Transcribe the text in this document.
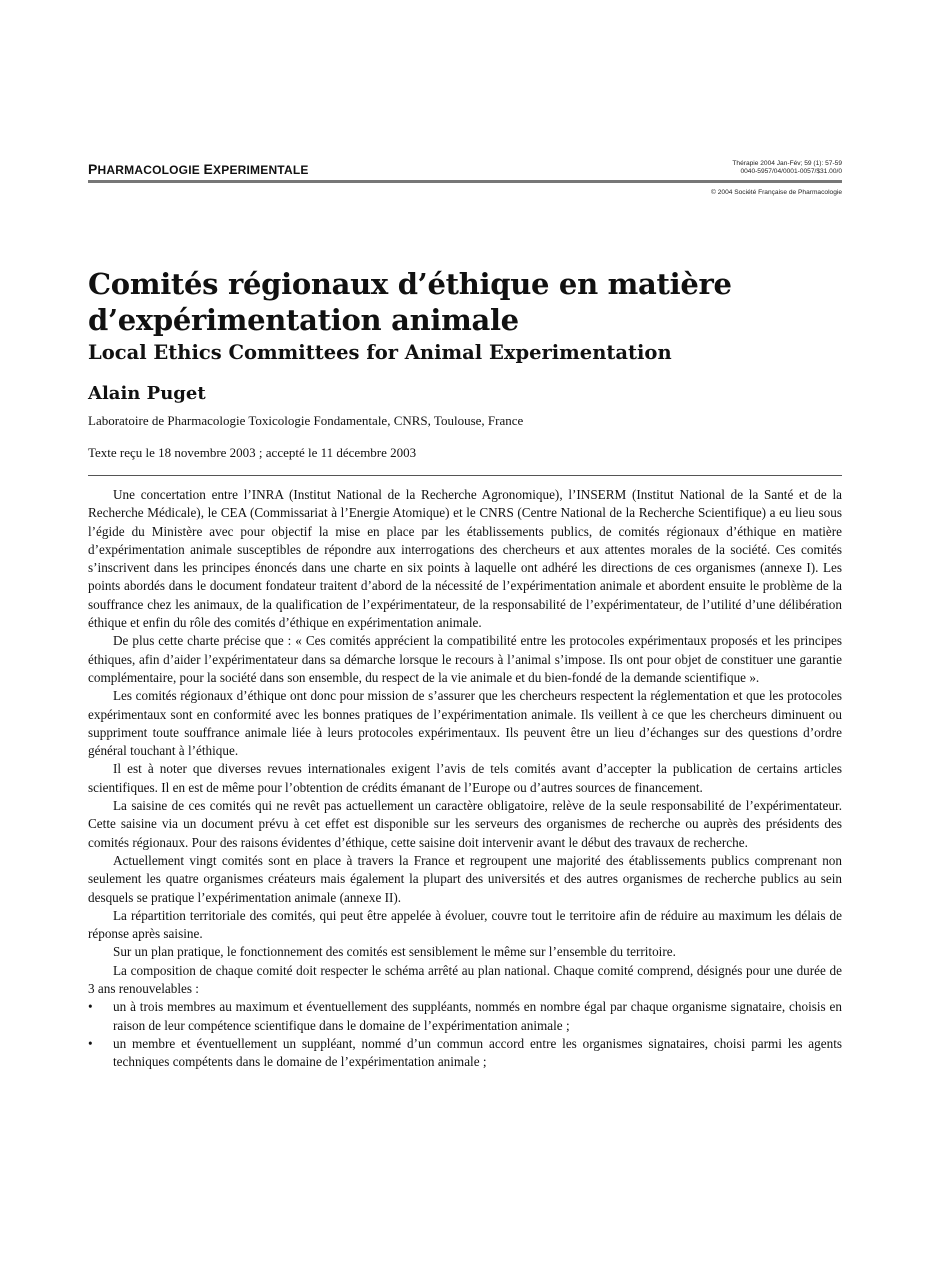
PHARMACOLOGIE EXPERIMENTALE	Thérapie 2004 Jan-Fév; 59 (1): 57-59
0040-5957/04/0001-0057/$31.00/0
© 2004 Société Française de Pharmacologie
Comités régionaux d’éthique en matière
d’expérimentation animale
Local Ethics Committees for Animal Experimentation
Alain Puget
Laboratoire de Pharmacologie Toxicologie Fondamentale, CNRS, Toulouse, France
Texte reçu le 18 novembre 2003 ; accepté le 11 décembre 2003

Une concertation entre l’INRA (Institut National de la Recherche Agronomique), l’INSERM (Institut National de la Santé et de la Recherche Médicale), le CEA (Commissariat à l’Energie Atomique) et le CNRS (Centre National de la Recherche Scientifique) a eu lieu sous l’égide du Ministère avec pour objectif la mise en place par les établissements publics, de comités régionaux d’éthique en matière d’expérimentation animale susceptibles de répondre aux interrogations des chercheurs et aux attentes morales de la société. Ces comités s’inscrivent dans les principes énoncés dans une charte en six points à laquelle ont adhéré les directions de ces organismes (annexe I). Les points abordés dans le document fondateur traitent d’abord de la nécessité de l’expérimentation animale et abordent ensuite le problème de la souffrance chez les animaux, de la qualification de l’expérimentateur, de la responsabilité de l’expérimentateur, de l’utilité d’une délibération éthique et enfin du rôle des comités d’éthique en expérimentation animale.

De plus cette charte précise que : « Ces comités apprécient la compatibilité entre les protocoles expérimentaux proposés et les principes éthiques, afin d’aider l’expérimentateur dans sa démarche lorsque le recours à l’animal s’impose. Ils ont pour objet de constituer une garantie complémentaire, pour la société dans son ensemble, du respect de la vie animale et du bien-fondé de la demande scientifique ».

Les comités régionaux d’éthique ont donc pour mission de s’assurer que les chercheurs respectent la réglementation et que les protocoles expérimentaux sont en conformité avec les bonnes pratiques de l’expérimentation animale. Ils veillent à ce que les chercheurs diminuent ou suppriment toute souffrance animale liée à leurs protocoles expérimentaux. Ils peuvent être un lieu d’échanges sur des questions d’ordre général touchant à l’éthique.

Il est à noter que diverses revues internationales exigent l’avis de tels comités avant d’accepter la publication de certains articles scientifiques. Il en est de même pour l’obtention de crédits émanant de l’Europe ou d’autres sources de financement.

La saisine de ces comités qui ne revêt pas actuellement un caractère obligatoire, relève de la seule responsabilité de l’expérimentateur. Cette saisine via un document prévu à cet effet est disponible sur les serveurs des organismes de recherche ou auprès des présidents des comités régionaux. Pour des raisons évidentes d’éthique, cette saisine doit intervenir avant le début des travaux de recherche.

Actuellement vingt comités sont en place à travers la France et regroupent une majorité des établissements publics comprenant non seulement les quatre organismes créateurs mais également la plupart des universités et des autres organismes de recherche publics au sein desquels se pratique l’expérimentation animale (annexe II).

La répartition territoriale des comités, qui peut être appelée à évoluer, couvre tout le territoire afin de réduire au maximum les délais de réponse après saisine.

Sur un plan pratique, le fonctionnement des comités est sensiblement le même sur l’ensemble du territoire.

La composition de chaque comité doit respecter le schéma arrêté au plan national. Chaque comité comprend, désignés pour une durée de 3 ans renouvelables :

• un à trois membres au maximum et éventuellement des suppléants, nommés en nombre égal par chaque organisme signataire, choisis en raison de leur compétence scientifique dans le domaine de l’expérimentation animale ;
• un membre et éventuellement un suppléant, nommé d’un commun accord entre les organismes signataires, choisi parmi les agents techniques compétents dans le domaine de l’expérimentation animale ;
